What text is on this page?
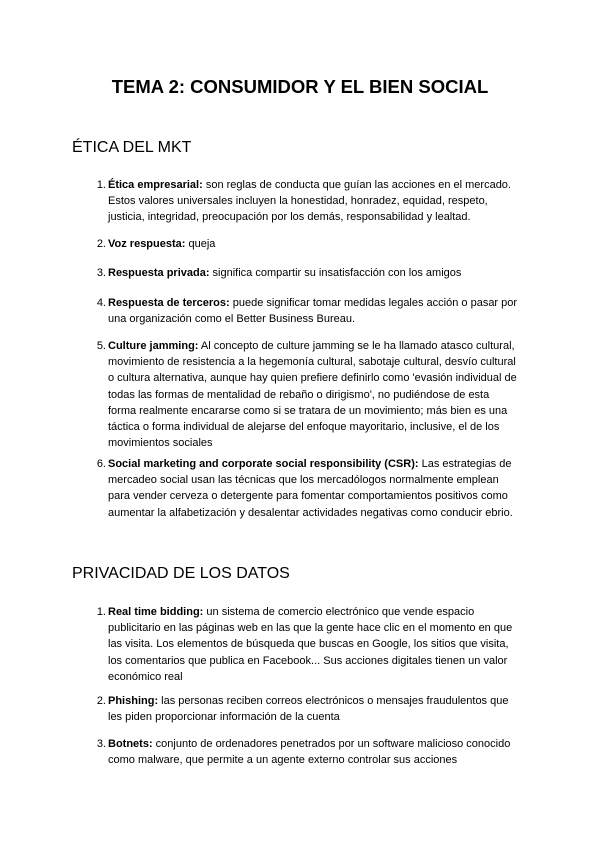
TEMA 2: CONSUMIDOR Y EL BIEN SOCIAL
ÉTICA DEL MKT
1. Ética empresarial: son reglas de conducta que guían las acciones en el mercado. Estos valores universales incluyen la honestidad, honradez, equidad, respeto, justicia, integridad, preocupación por los demás, responsabilidad y lealtad.
2. Voz respuesta: queja
3. Respuesta privada: significa compartir su insatisfacción con los amigos
4. Respuesta de terceros: puede significar tomar medidas legales acción o pasar por una organización como el Better Business Bureau.
5. Culture jamming: Al concepto de culture jamming se le ha llamado atasco cultural, movimiento de resistencia a la hegemonía cultural, sabotaje cultural, desvío cultural o cultura alternativa, aunque hay quien prefiere definirlo como 'evasión individual de todas las formas de mentalidad de rebaño o dirigismo', no pudiéndose de esta forma realmente encararse como si se tratara de un movimiento; más bien es una táctica o forma individual de alejarse del enfoque mayoritario, inclusive, el de los movimientos sociales
6. Social marketing and corporate social responsibility (CSR): Las estrategias de mercadeo social usan las técnicas que los mercadólogos normalmente emplean para vender cerveza o detergente para fomentar comportamientos positivos como aumentar la alfabetización y desalentar actividades negativas como conducir ebrio.
PRIVACIDAD DE LOS DATOS
1. Real time bidding: un sistema de comercio electrónico que vende espacio publicitario en las páginas web en las que la gente hace clic en el momento en que las visita. Los elementos de búsqueda que buscas en Google, los sitios que visita, los comentarios que publica en Facebook... Sus acciones digitales tienen un valor económico real
2. Phishing: las personas reciben correos electrónicos o mensajes fraudulentos que les piden proporcionar información de la cuenta
3. Botnets: conjunto de ordenadores penetrados por un software malicioso conocido como malware, que permite a un agente externo controlar sus acciones
